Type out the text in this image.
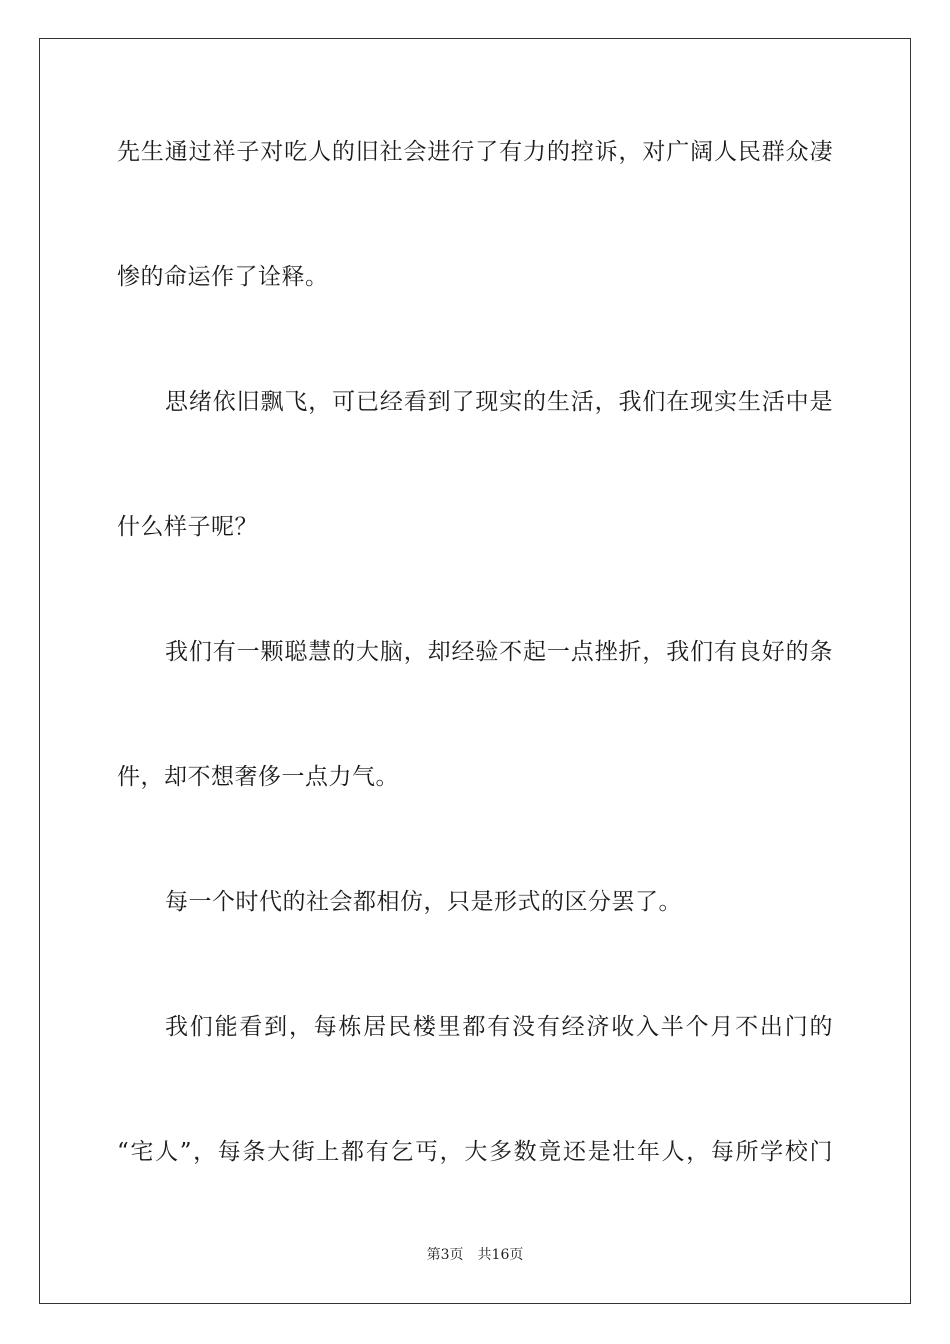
先生通过祥子对吃人的旧社会进行了有力的控诉，对广阔人民群众凄
惨的命运作了诠释。
思绪依旧飘飞，可已经看到了现实的生活，我们在现实生活中是
什么样子呢？
我们有一颗聪慧的大脑，却经验不起一点挫折，我们有良好的条
件，却不想奢侈一点力气。
每一个时代的社会都相仿，只是形式的区分罢了。
我们能看到，每栋居民楼里都有没有经济收入半个月不出门的
“宅人”，每条大街上都有乞丐，大多数竟还是壮年人，每所学校门
第3页 共16页
